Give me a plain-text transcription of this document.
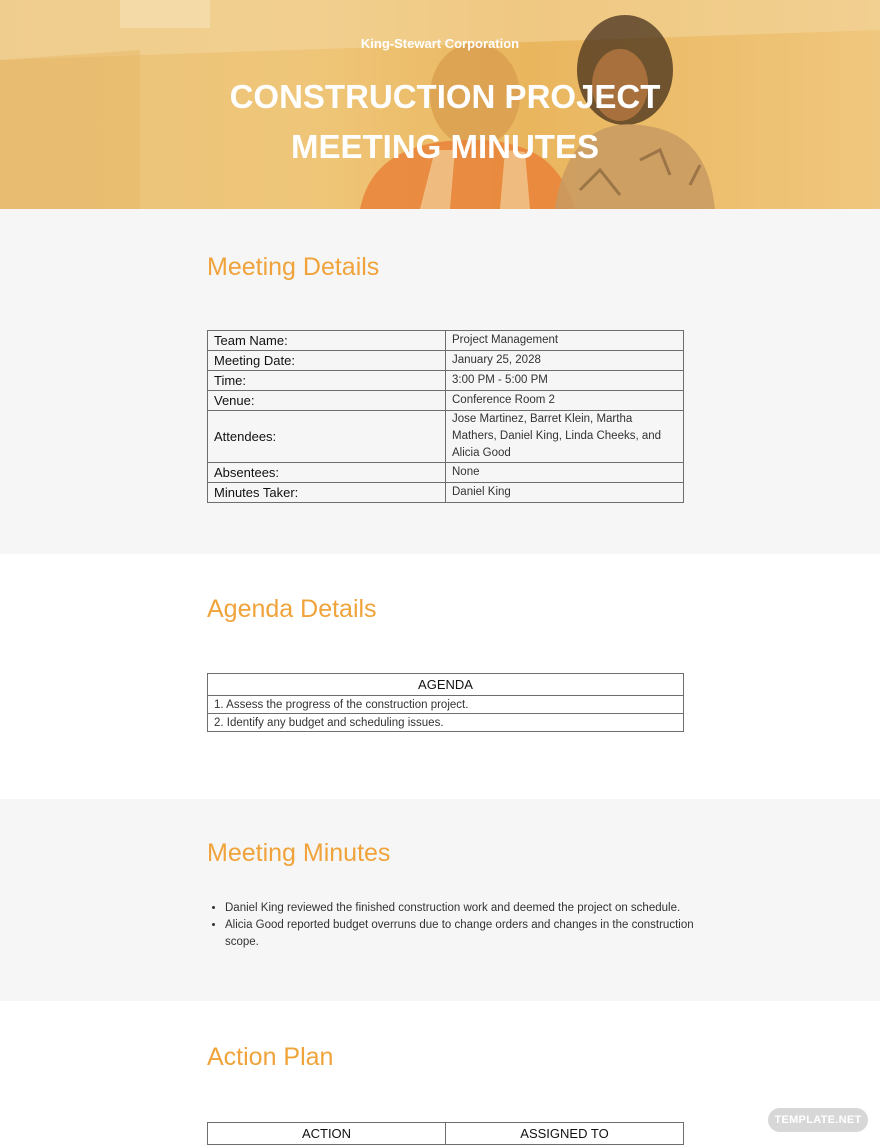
King-Stewart Corporation
CONSTRUCTION PROJECT
MEETING MINUTES
Meeting Details
Team Name:	Project Management
Meeting Date:	January 25, 2028
Time:	3:00 PM - 5:00 PM
Venue:	Conference Room 2
Attendees:	Jose Martinez, Barret Klein, Martha Mathers, Daniel King, Linda Cheeks, and Alicia Good
Absentees:	None
Minutes Taker:	Daniel King
Agenda Details
AGENDA
1. Assess the progress of the construction project.
2. Identify any budget and scheduling issues.
Meeting Minutes
• Daniel King reviewed the finished construction work and deemed the project on schedule.
• Alicia Good reported budget overruns due to change orders and changes in the construction scope.
Action Plan
ACTION	ASSIGNED TO
TEMPLATE.NET
